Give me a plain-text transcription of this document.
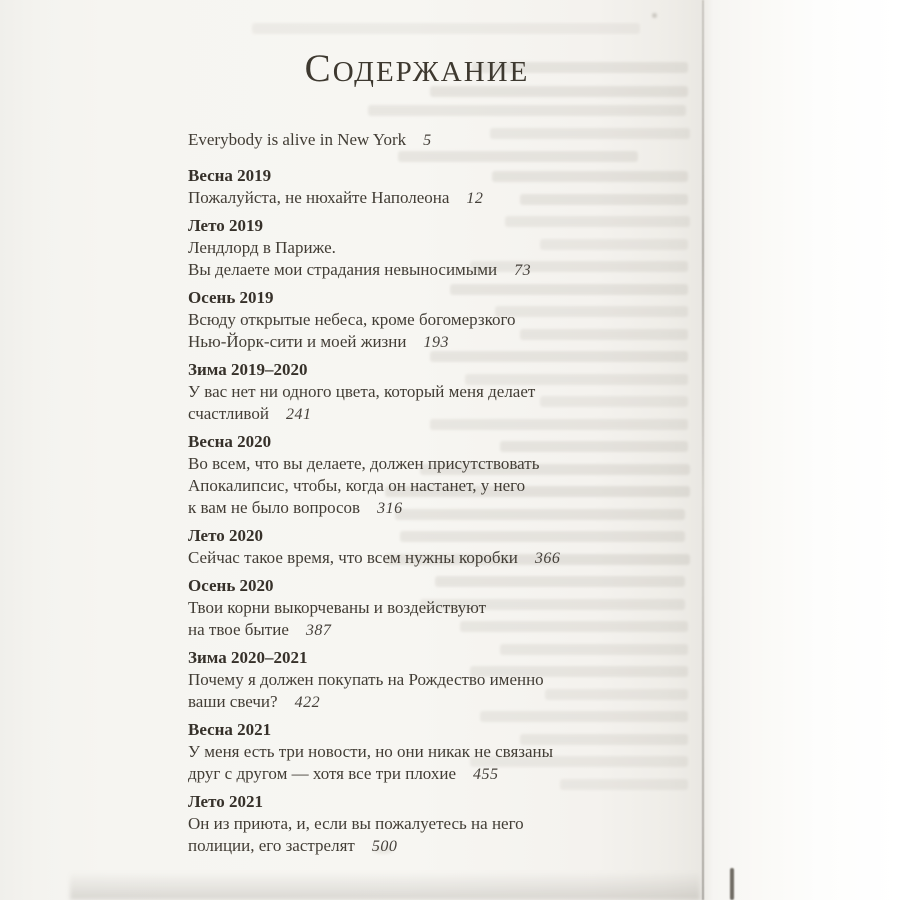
СОДЕРЖАНИЕ
Everybody is alive in New York 5
Весна 2019
Пожалуйста, не нюхайте Наполеона 12
Лето 2019
Лендлорд в Париже.
Вы делаете мои страдания невыносимыми 73
Осень 2019
Всюду открытые небеса, кроме богомерзкого
Нью-Йорк-сити и моей жизни 193
Зима 2019–2020
У вас нет ни одного цвета, который меня делает
счастливой 241
Весна 2020
Во всем, что вы делаете, должен присутствовать
Апокалипсис, чтобы, когда он настанет, у него
к вам не было вопросов 316
Лето 2020
Сейчас такое время, что всем нужны коробки 366
Осень 2020
Твои корни выкорчеваны и воздействуют
на твое бытие 387
Зима 2020–2021
Почему я должен покупать на Рождество именно
ваши свечи? 422
Весна 2021
У меня есть три новости, но они никак не связаны
друг с другом — хотя все три плохие 455
Лето 2021
Он из приюта, и, если вы пожалуетесь на него
полиции, его застрелят 500
